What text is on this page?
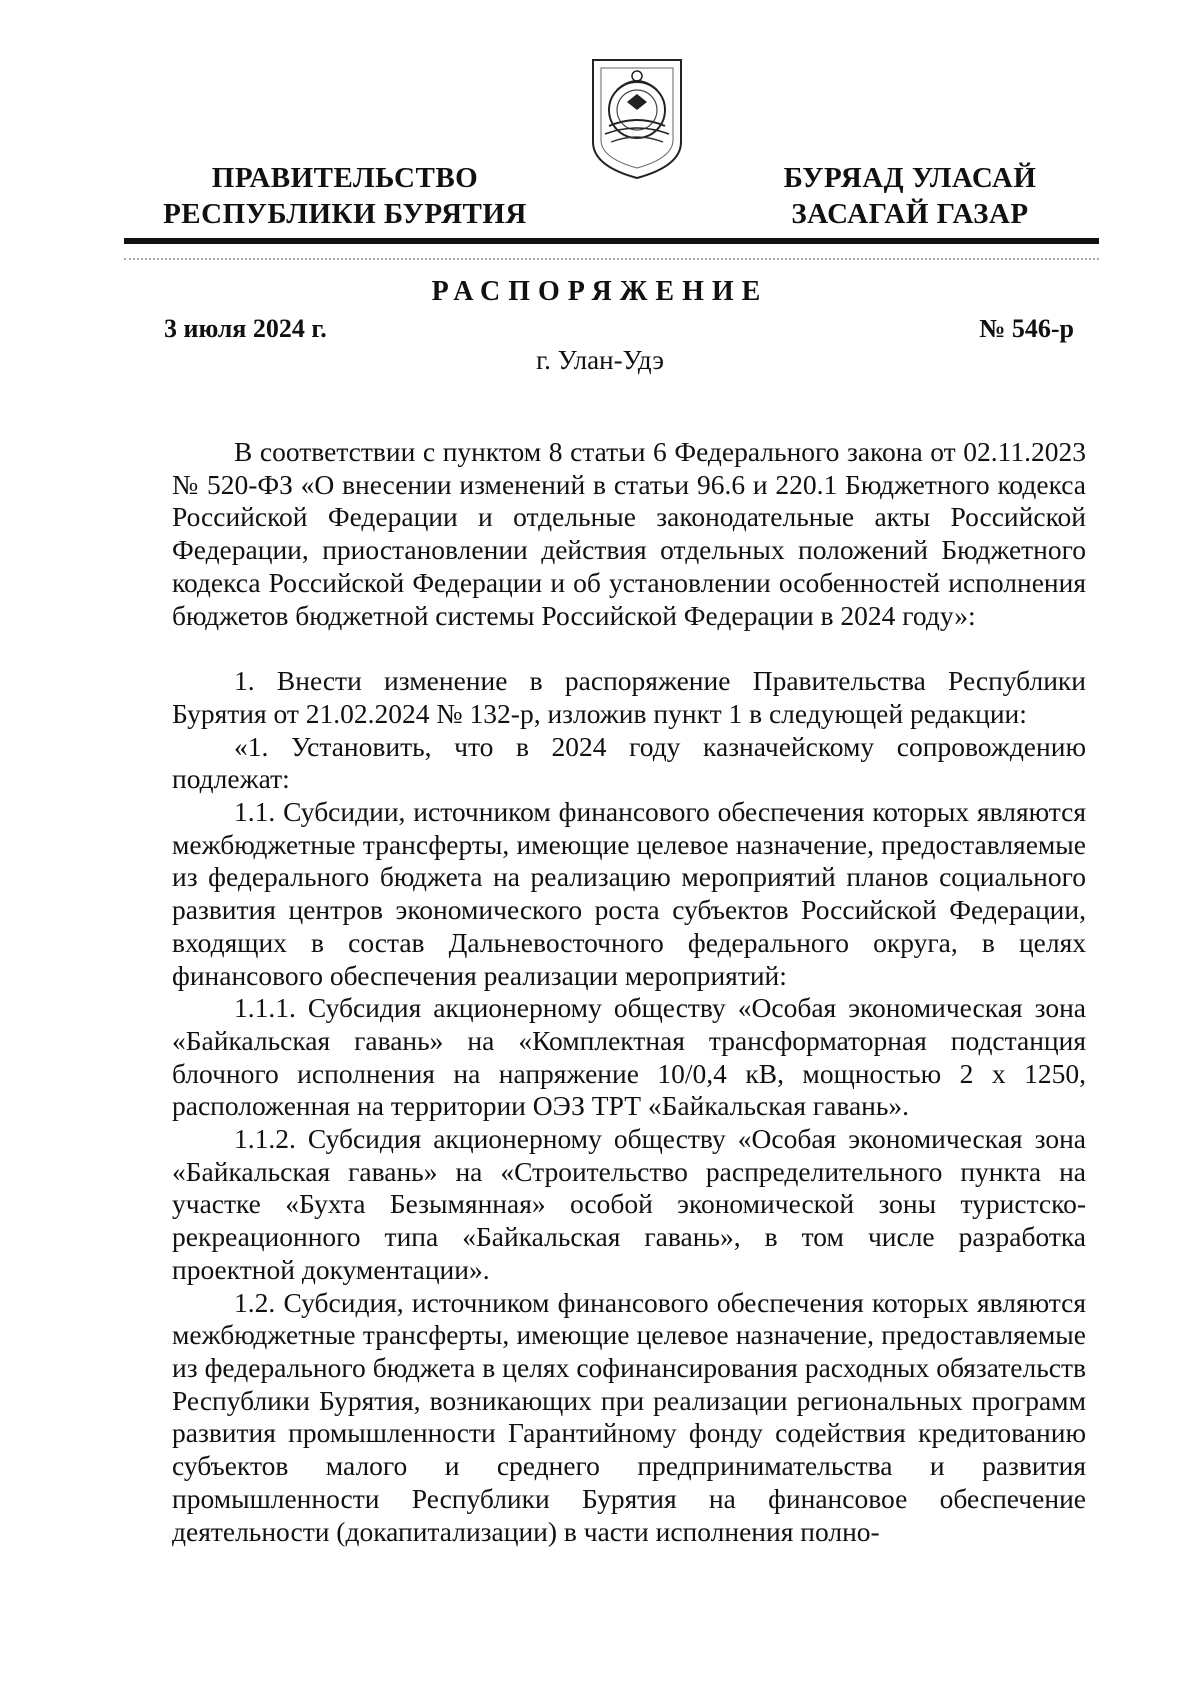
ПРАВИТЕЛЬСТВО
РЕСПУБЛИКИ БУРЯТИЯ
БУРЯАД УЛАСАЙ
ЗАСАГАЙ ГАЗАР
РАСПОРЯЖЕНИЕ
3 июля 2024 г.	№ 546-р
г. Улан-Удэ

В соответствии с пунктом 8 статьи 6 Федерального закона от 02.11.2023 № 520-ФЗ «О внесении изменений в статьи 96.6 и 220.1 Бюджетного кодекса Российской Федерации и отдельные законодательные акты Российской Федерации, приостановлении действия отдельных положений Бюджетного кодекса Российской Федерации и об установлении особенностей исполнения бюджетов бюджетной системы Российской Федерации в 2024 году»:

1. Внести изменение в распоряжение Правительства Республики Бурятия от 21.02.2024 № 132-р, изложив пункт 1 в следующей редакции:

«1. Установить, что в 2024 году казначейскому сопровождению подлежат:

1.1. Субсидии, источником финансового обеспечения которых являются межбюджетные трансферты, имеющие целевое назначение, предоставляемые из федерального бюджета на реализацию мероприятий планов социального развития центров экономического роста субъектов Российской Федерации, входящих в состав Дальневосточного федерального округа, в целях финансового обеспечения реализации мероприятий:

1.1.1. Субсидия акционерному обществу «Особая экономическая зона «Байкальская гавань» на «Комплектная трансформаторная подстанция блочного исполнения на напряжение 10/0,4 кВ, мощностью 2 x 1250, расположенная на территории ОЭЗ ТРТ «Байкальская гавань».

1.1.2. Субсидия акционерному обществу «Особая экономическая зона «Байкальская гавань» на «Строительство распределительного пункта на участке «Бухта Безымянная» особой экономической зоны туристско-рекреационного типа «Байкальская гавань», в том числе разработка проектной документации».

1.2. Субсидия, источником финансового обеспечения которых являются межбюджетные трансферты, имеющие целевое назначение, предоставляемые из федерального бюджета в целях софинансирования расходных обязательств Республики Бурятия, возникающих при реализации региональных программ развития промышленности Гарантийному фонду содействия кредитованию субъектов малого и среднего предпринимательства и развития промышленности Республики Бурятия на финансовое обеспечение деятельности (докапитализации) в части исполнения полно-
